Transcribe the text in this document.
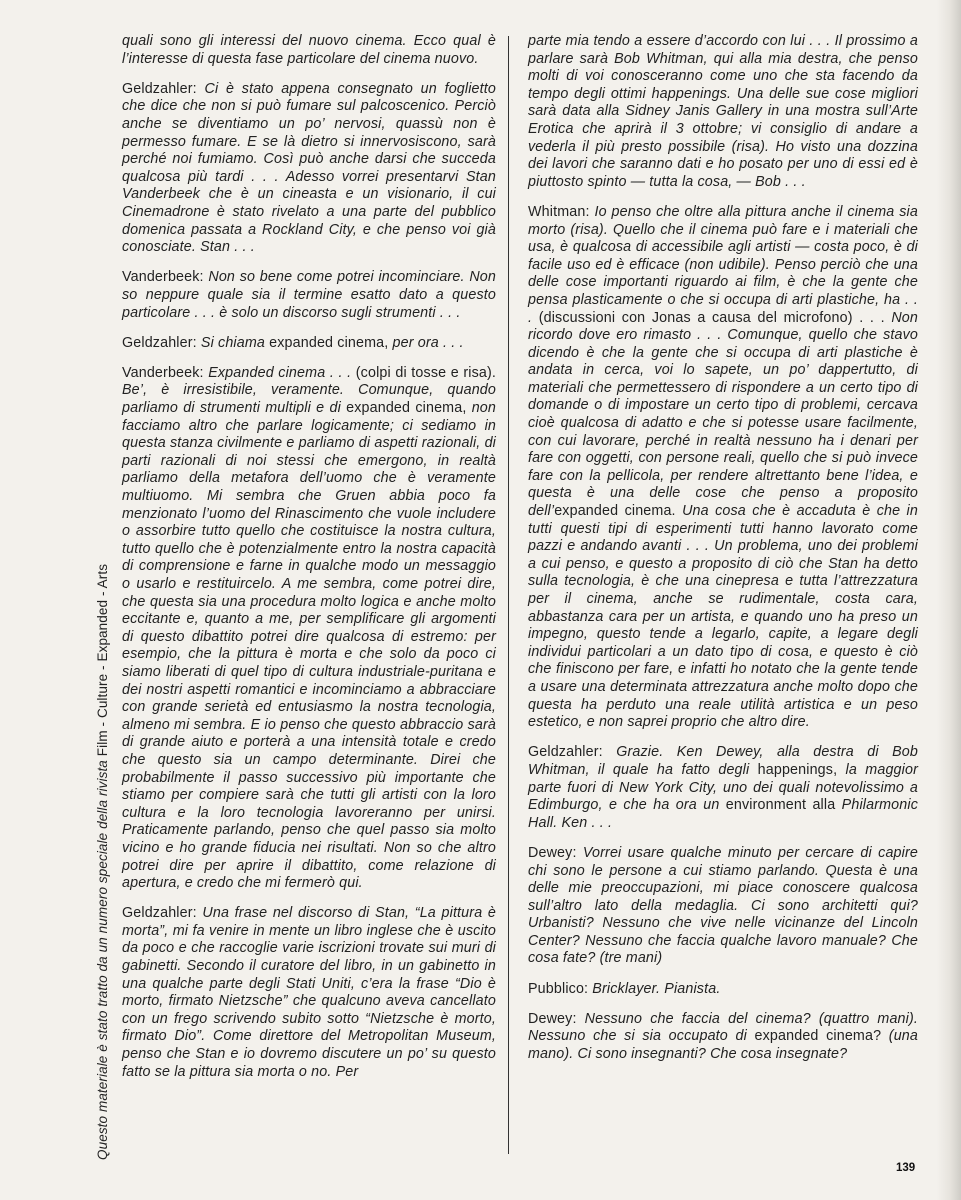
Questo materiale è stato tratto da un numero speciale della rivista Film - Culture - Expanded - Arts

quali sono gli interessi del nuovo cinema. Ecco qual è l’interesse di questa fase particolare del cinema nuovo.

Geldzahler: Ci è stato appena consegnato un foglietto che dice che non si può fumare sul palcoscenico. Perciò anche se diventiamo un po’ nervosi, quassù non è permesso fumare. E se là dietro si innervosiscono, sarà perché noi fumiamo. Così può anche darsi che succeda qualcosa più tardi . . . Adesso vorrei presentarvi Stan Vanderbeek che è un cineasta e un visionario, il cui Cinemadrone è stato rivelato a una parte del pubblico domenica passata a Rockland City, e che penso voi già conosciate. Stan . . .

Vanderbeek: Non so bene come potrei incominciare. Non so neppure quale sia il termine esatto dato a questo particolare . . . è solo un discorso sugli strumenti . . .

Geldzahler: Si chiama expanded cinema, per ora . . .

Vanderbeek: Expanded cinema . . . (colpi di tosse e risa). Be’, è irresistibile, veramente. Comunque, quando parliamo di strumenti multipli e di expanded cinema, non facciamo altro che parlare logicamente; ci sediamo in questa stanza civilmente e parliamo di aspetti razionali, di parti razionali di noi stessi che emergono, in realtà parliamo della metafora dell’uomo che è veramente multiuomo. Mi sembra che Gruen abbia poco fa menzionato l’uomo del Rinascimento che vuole includere o assorbire tutto quello che costituisce la nostra cultura, tutto quello che è potenzialmente entro la nostra capacità di comprensione e farne in qualche modo un messaggio o usarlo e restituircelo. A me sembra, come potrei dire, che questa sia una procedura molto logica e anche molto eccitante e, quanto a me, per semplificare gli argomenti di questo dibattito potrei dire qualcosa di estremo: per esempio, che la pittura è morta e che solo da poco ci siamo liberati di quel tipo di cultura industriale-puritana e dei nostri aspetti romantici e incominciamo a abbracciare con grande serietà ed entusiasmo la nostra tecnologia, almeno mi sembra. E io penso che questo abbraccio sarà di grande aiuto e porterà a una intensità totale e credo che questo sia un campo determinante. Direi che probabilmente il passo successivo più importante che stiamo per compiere sarà che tutti gli artisti con la loro cultura e la loro tecnologia lavoreranno per unirsi. Praticamente parlando, penso che quel passo sia molto vicino e ho grande fiducia nei risultati. Non so che altro potrei dire per aprire il dibattito, come relazione di apertura, e credo che mi fermerò qui.

Geldzahler: Una frase nel discorso di Stan, “La pittura è morta”, mi fa venire in mente un libro inglese che è uscito da poco e che raccoglie varie iscrizioni trovate sui muri di gabinetti. Secondo il curatore del libro, in un gabinetto in una qualche parte degli Stati Uniti, c’era la frase “Dio è morto, firmato Nietzsche” che qualcuno aveva cancellato con un frego scrivendo subito sotto “Nietzsche è morto, firmato Dio”. Come direttore del Metropolitan Museum, penso che Stan e io dovremo discutere un po’ su questo fatto se la pittura sia morta o no. Per

parte mia tendo a essere d’accordo con lui . . . Il prossimo a parlare sarà Bob Whitman, qui alla mia destra, che penso molti di voi conosceranno come uno che sta facendo da tempo degli ottimi happenings. Una delle sue cose migliori sarà data alla Sidney Janis Gallery in una mostra sull’Arte Erotica che aprirà il 3 ottobre; vi consiglio di andare a vederla il più presto possibile (risa). Ho visto una dozzina dei lavori che saranno dati e ho posato per uno di essi ed è piuttosto spinto — tutta la cosa, — Bob . . .

Whitman: Io penso che oltre alla pittura anche il cinema sia morto (risa). Quello che il cinema può fare e i materiali che usa, è qualcosa di accessibile agli artisti — costa poco, è di facile uso ed è efficace (non udibile). Penso perciò che una delle cose importanti riguardo ai film, è che la gente che pensa plasticamente o che si occupa di arti plastiche, ha . . . (discussioni con Jonas a causa del microfono) . . . Non ricordo dove ero rimasto . . . Comunque, quello che stavo dicendo è che la gente che si occupa di arti plastiche è andata in cerca, voi lo sapete, un po’ dappertutto, di materiali che permettessero di rispondere a un certo tipo di domande o di impostare un certo tipo di problemi, cercava cioè qualcosa di adatto e che si potesse usare facilmente, con cui lavorare, perché in realtà nessuno ha i denari per fare con oggetti, con persone reali, quello che si può invece fare con la pellicola, per rendere altrettanto bene l’idea, e questa è una delle cose che penso a proposito dell’expanded cinema. Una cosa che è accaduta è che in tutti questi tipi di esperimenti tutti hanno lavorato come pazzi e andando avanti . . . Un problema, uno dei problemi a cui penso, e questo a proposito di ciò che Stan ha detto sulla tecnologia, è che una cinepresa e tutta l’attrezzatura per il cinema, anche se rudimentale, costa cara, abbastanza cara per un artista, e quando uno ha preso un impegno, questo tende a legarlo, capite, a legare degli individui particolari a un dato tipo di cosa, e questo è ciò che finiscono per fare, e infatti ho notato che la gente tende a usare una determinata attrezzatura anche molto dopo che questa ha perduto una reale utilità artistica e un peso estetico, e non saprei proprio che altro dire.

Geldzahler: Grazie. Ken Dewey, alla destra di Bob Whitman, il quale ha fatto degli happenings, la maggior parte fuori di New York City, uno dei quali notevolissimo a Edimburgo, e che ha ora un environment alla Philarmonic Hall. Ken . . .

Dewey: Vorrei usare qualche minuto per cercare di capire chi sono le persone a cui stiamo parlando. Questa è una delle mie preoccupazioni, mi piace conoscere qualcosa sull’altro lato della medaglia. Ci sono architetti qui? Urbanisti? Nessuno che vive nelle vicinanze del Lincoln Center? Nessuno che faccia qualche lavoro manuale? Che cosa fate? (tre mani)

Pubblico: Bricklayer. Pianista.

Dewey: Nessuno che faccia del cinema? (quattro mani). Nessuno che si sia occupato di expanded cinema? (una mano). Ci sono insegnanti? Che cosa insegnate?

139
